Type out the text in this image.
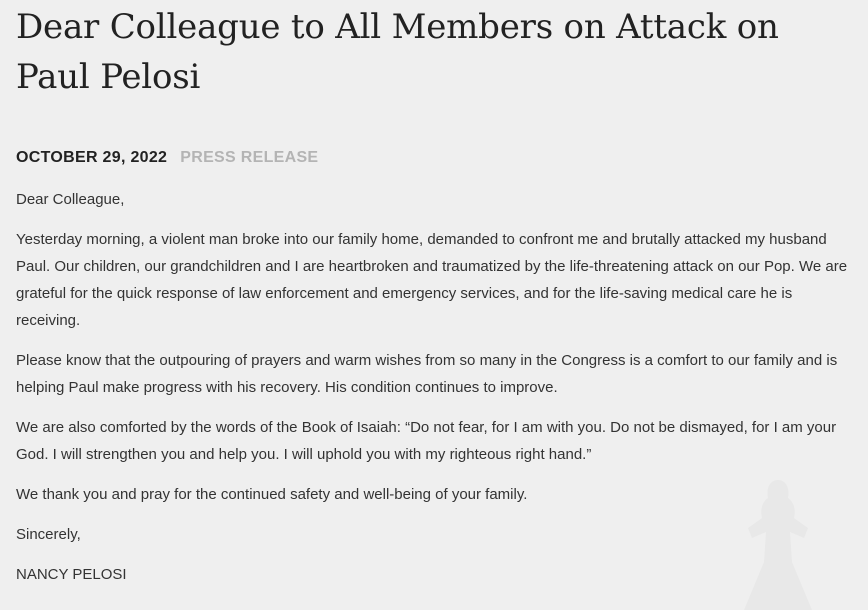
Dear Colleague to All Members on Attack on Paul Pelosi
OCTOBER 29, 2022 PRESS RELEASE

Dear Colleague,

Yesterday morning, a violent man broke into our family home, demanded to confront me and brutally attacked my husband Paul. Our children, our grandchildren and I are heartbroken and traumatized by the life-threatening attack on our Pop. We are grateful for the quick response of law enforcement and emergency services, and for the life-saving medical care he is receiving.

Please know that the outpouring of prayers and warm wishes from so many in the Congress is a comfort to our family and is helping Paul make progress with his recovery. His condition continues to improve.

We are also comforted by the words of the Book of Isaiah: “Do not fear, for I am with you. Do not be dismayed, for I am your God. I will strengthen you and help you. I will uphold you with my righteous right hand.”

We thank you and pray for the continued safety and well-being of your family.

Sincerely,

NANCY PELOSI
